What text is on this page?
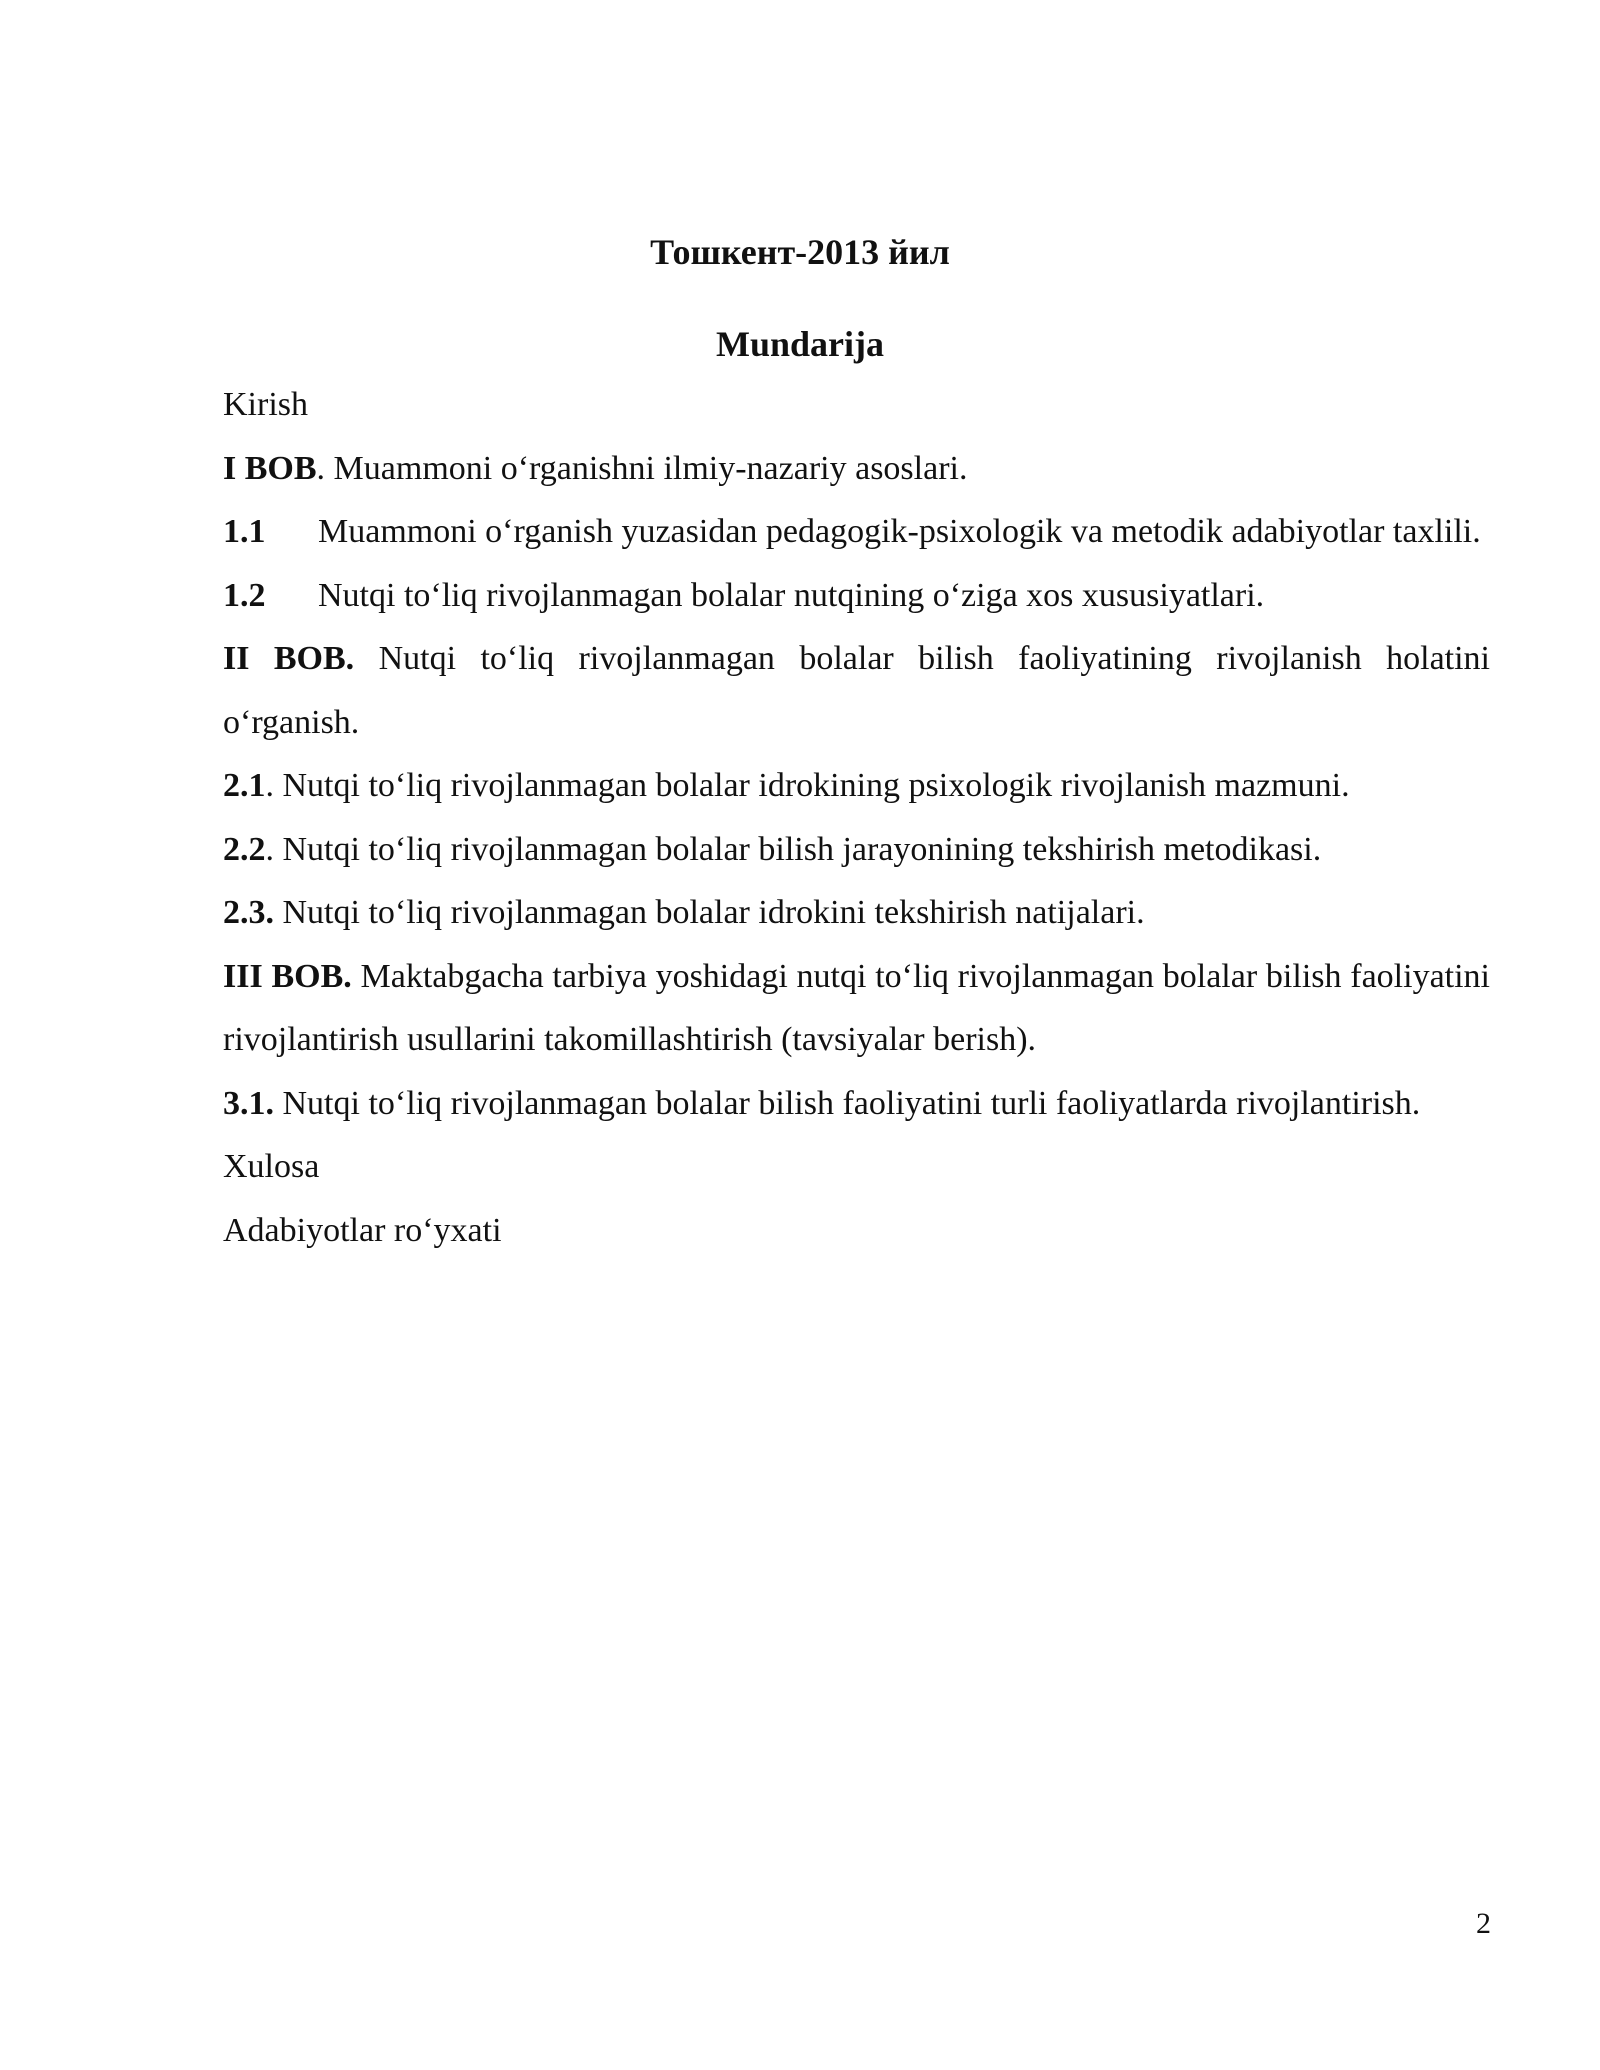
Тошкент-2013 йил
Mundarija

Kirish

I BOB. Muammoni o‘rganishni ilmiy-nazariy asoslari.

1.1 Muammoni o‘rganish yuzasidan pedagogik-psixologik va metodik adabiyotlar taxlili.

1.2 Nutqi to‘liq rivojlanmagan bolalar nutqining o‘ziga xos xususiyatlari.

II BOB. Nutqi to‘liq rivojlanmagan bolalar bilish faoliyatining rivojlanish holatini o‘rganish.

2.1. Nutqi to‘liq rivojlanmagan bolalar idrokining psixologik rivojlanish mazmuni.

2.2. Nutqi to‘liq rivojlanmagan bolalar bilish jarayonining tekshirish metodikasi.

2.3. Nutqi to‘liq rivojlanmagan bolalar idrokini tekshirish natijalari.

III BOB. Maktabgacha tarbiya yoshidagi nutqi to‘liq rivojlanmagan bolalar bilish faoliyatini rivojlantirish usullarini takomillashtirish (tavsiyalar berish).

3.1. Nutqi to‘liq rivojlanmagan bolalar bilish faoliyatini turli faoliyatlarda rivojlantirish.

Xulosa

Adabiyotlar ro‘yxati

2
